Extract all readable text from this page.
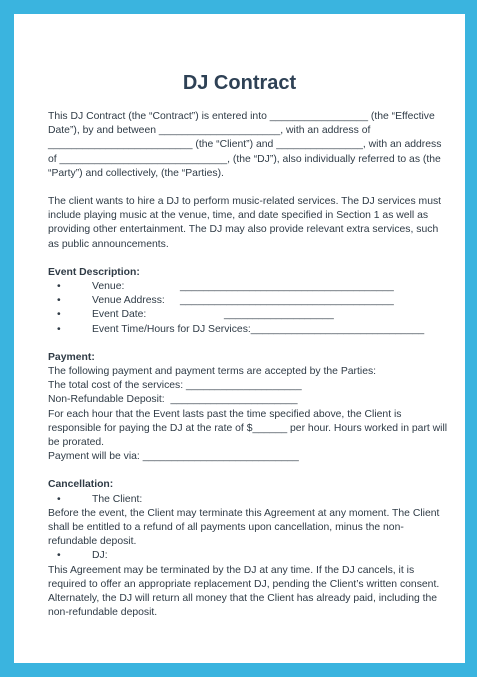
DJ Contract

This DJ Contract (the “Contract”) is entered into _________________ (the “Effective Date”), by and between _____________________, with an address of _________________________ (the “Client”) and _______________, with an address of _____________________________, (the “DJ”), also individually referred to as (the “Party”) and collectively, (the “Parties).

The client wants to hire a DJ to perform music-related services. The DJ services must include playing music at the venue, time, and date specified in Section 1 as well as providing other entertainment. The DJ may also provide relevant extra services, such as public announcements.

Event Description:

•	Venue:	_____________________________________
•	Venue Address:	_____________________________________
•	Event Date:	___________________
•	Event Time/Hours for DJ Services: ______________________________

Payment:

The following payment and payment terms are accepted by the Parties:

The total cost of the services: ____________________

Non-Refundable Deposit:  ______________________

For each hour that the Event lasts past the time specified above, the Client is responsible for paying the DJ at the rate of $______ per hour. Hours worked in part will be prorated.

Payment will be via: ___________________________

Cancellation:

•	The Client:

Before the event, the Client may terminate this Agreement at any moment. The Client shall be entitled to a refund of all payments upon cancellation, minus the non-refundable deposit.

•	DJ:

This Agreement may be terminated by the DJ at any time. If the DJ cancels, it is required to offer an appropriate replacement DJ, pending the Client’s written consent. Alternately, the DJ will return all money that the Client has already paid, including the non-refundable deposit.
